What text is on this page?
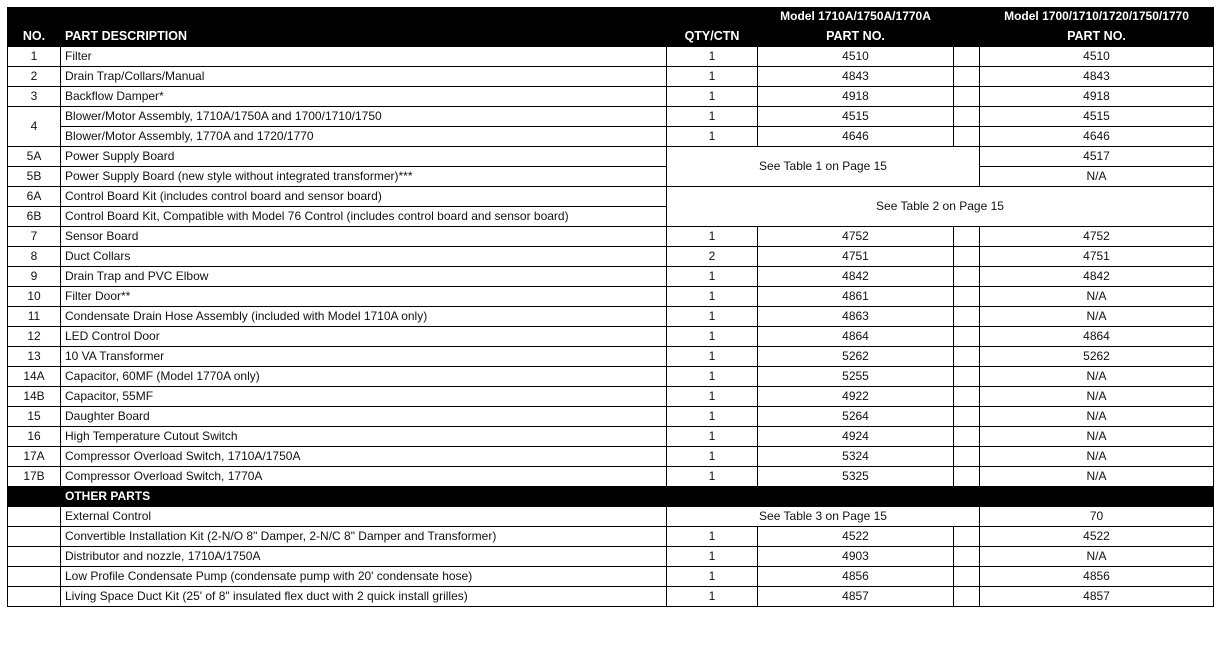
			Model 1710A/1750A/1770A		Model 1700/1710/1720/1750/1770
NO.	PART DESCRIPTION	QTY/CTN	PART NO.		PART NO.
1	Filter	1	4510		4510
2	Drain Trap/Collars/Manual	1	4843		4843
3	Backflow Damper*	1	4918		4918
4	Blower/Motor Assembly, 1710A/1750A and 1700/1710/1750	1	4515		4515
	Blower/Motor Assembly, 1770A and 1720/1770	1	4646		4646
5A	Power Supply Board	See Table 1 on Page 15			4517
5B	Power Supply Board (new style without integrated transformer)***				N/A
6A	Control Board Kit (includes control board and sensor board)	See Table 2 on Page 15			
6B	Control Board Kit, Compatible with Model 76 Control (includes control board and sensor board)				
7	Sensor Board	1	4752		4752
8	Duct Collars	2	4751		4751
9	Drain Trap and PVC Elbow	1	4842		4842
10	Filter Door**	1	4861		N/A
11	Condensate Drain Hose Assembly (included with Model 1710A only)	1	4863		N/A
12	LED Control Door	1	4864		4864
13	10 VA Transformer	1	5262		5262
14A	Capacitor, 60MF (Model 1770A only)	1	5255		N/A
14B	Capacitor, 55MF	1	4922		N/A
15	Daughter Board	1	5264		N/A
16	High Temperature Cutout Switch	1	4924		N/A
17A	Compressor Overload Switch, 1710A/1750A	1	5324		N/A
17B	Compressor Overload Switch, 1770A	1	5325		N/A
	OTHER PARTS				
	External Control	See Table 3 on Page 15			70
	Convertible Installation Kit (2-N/O 8" Damper, 2-N/C 8" Damper and Transformer)	1	4522		4522
	Distributor and nozzle, 1710A/1750A	1	4903		N/A
	Low Profile Condensate Pump (condensate pump with 20' condensate hose)	1	4856		4856
	Living Space Duct Kit (25' of 8" insulated flex duct with 2 quick install grilles)	1	4857		4857
